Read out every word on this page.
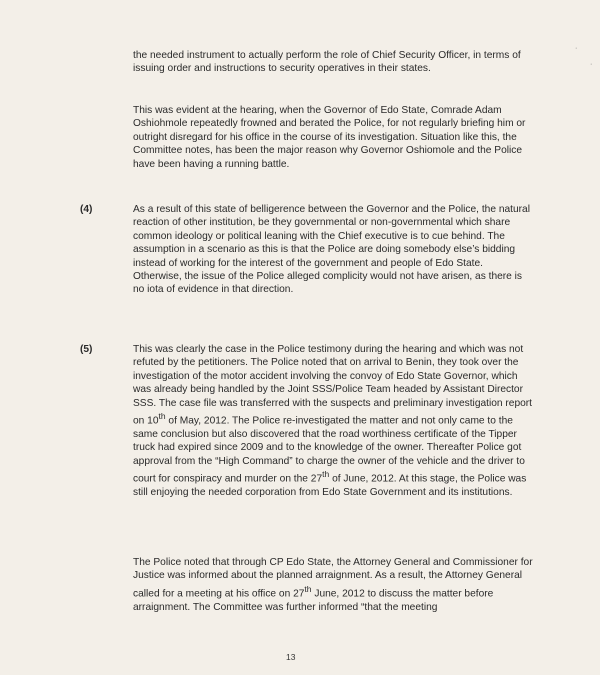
the needed instrument to actually perform the role of Chief Security Officer, in terms of issuing order and instructions to security operatives in their states.

This was evident at the hearing, when the Governor of Edo State, Comrade Adam Oshiohmole repeatedly frowned and berated the Police, for not regularly briefing him or outright disregard for his office in the course of its investigation. Situation like this, the Committee notes, has been the major reason why Governor Oshiomole and the Police have been having a running battle.

(4)	As a result of this state of belligerence between the Governor and the Police, the natural reaction of other institution, be they governmental or non-governmental which share common ideology or political leaning with the Chief executive is to cue behind. The assumption in a scenario as this is that the Police are doing somebody else’s bidding instead of working for the interest of the government and people of Edo State. Otherwise, the issue of the Police alleged complicity would not have arisen, as there is no iota of evidence in that direction.

(5)	This was clearly the case in the Police testimony during the hearing and which was not refuted by the petitioners. The Police noted that on arrival to Benin, they took over the investigation of the motor accident involving the convoy of Edo State Governor, which was already being handled by the Joint SSS/Police Team headed by Assistant Director SSS. The case file was transferred with the suspects and preliminary investigation report on 10th of May, 2012. The Police re-investigated the matter and not only came to the same conclusion but also discovered that the road worthiness certificate of the Tipper truck had expired since 2009 and to the knowledge of the owner. Thereafter Police got approval from the “High Command” to charge the owner of the vehicle and the driver to court for conspiracy and murder on the 27th of June, 2012. At this stage, the Police was still enjoying the needed corporation from Edo State Government and its institutions.

The Police noted that through CP Edo State, the Attorney General and Commissioner for Justice was informed about the planned arraignment. As a result, the Attorney General called for a meeting at his office on 27th June, 2012 to discuss the matter before arraignment. The Committee was further informed “that the meeting

13
·
·
